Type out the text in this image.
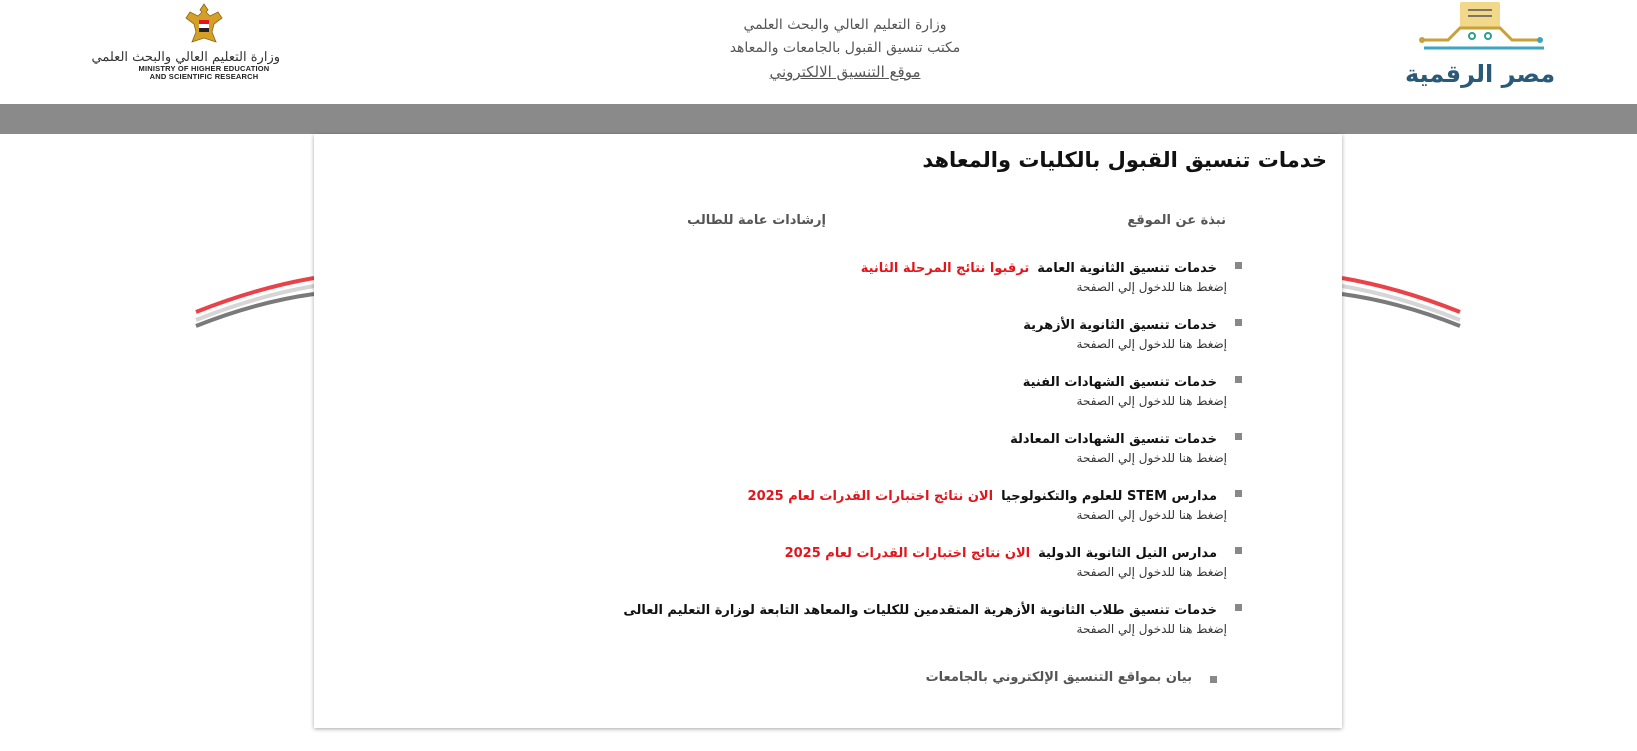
وزارة التعليم العالي والبحث العلمي
MINISTRY OF HIGHER EDUCATION
AND SCIENTIFIC RESEARCH
وزارة التعليم العالي والبحث العلمي
مكتب تنسيق القبول بالجامعات والمعاهد
موقع التنسيق الالكتروني	مصر الرقمية
خدمات تنسيق القبول بالكليات والمعاهد
نبذة عن الموقع
إرشادات عامة للطالب
خدمات تنسيق الثانوية العامةترقبوا نتائج المرحلة الثانية
إضغط هنا للدخول إلي الصفحة
خدمات تنسيق الثانوية الأزهرية
إضغط هنا للدخول إلي الصفحة
خدمات تنسيق الشهادات الفنية
إضغط هنا للدخول إلي الصفحة
خدمات تنسيق الشهادات المعادلة
إضغط هنا للدخول إلي الصفحة
مدارس STEM للعلوم والتكنولوجياالان نتائج اختبارات القدرات لعام 2025
إضغط هنا للدخول إلي الصفحة
مدارس النيل الثانوية الدوليةالان نتائج اختبارات القدرات لعام 2025
إضغط هنا للدخول إلي الصفحة
خدمات تنسيق طلاب الثانوية الأزهرية المتقدمين للكليات والمعاهد التابعة لوزارة التعليم العالى
إضغط هنا للدخول إلي الصفحة
بيان بمواقع التنسيق الإلكتروني بالجامعات
